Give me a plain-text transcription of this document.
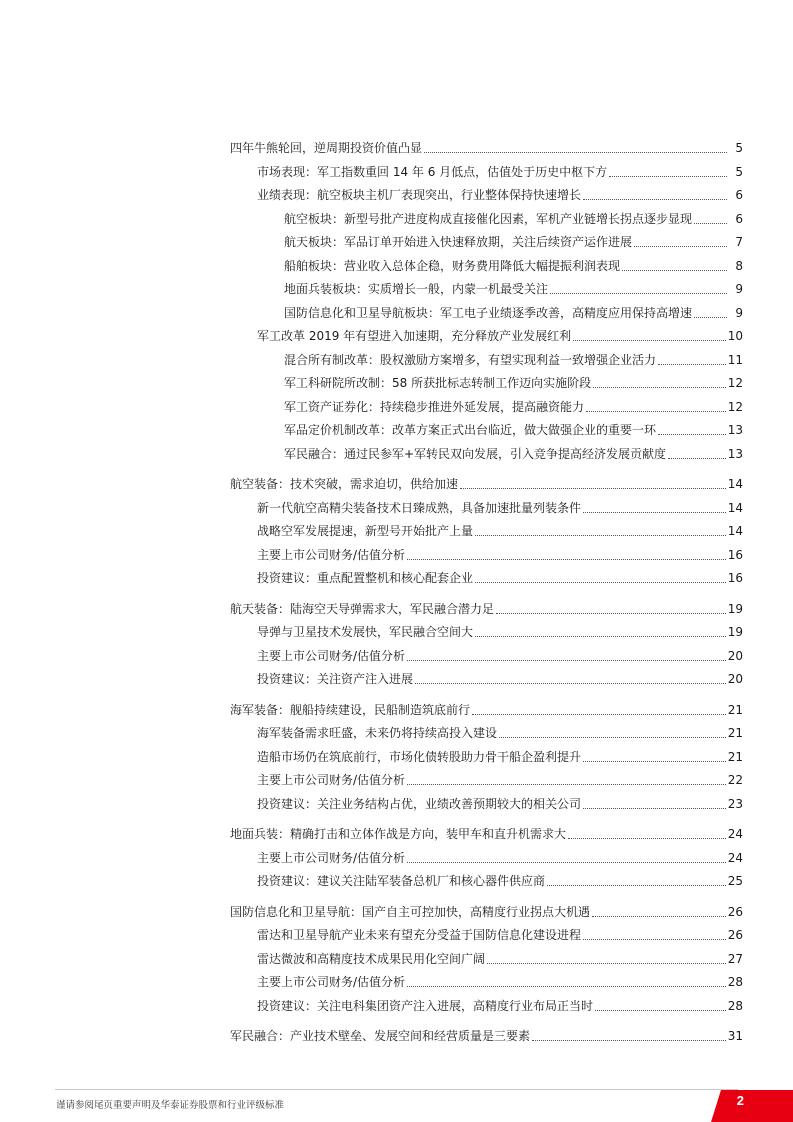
四年牛熊轮回，逆周期投资价值凸显	5
市场表现：军工指数重回 14 年 6 月低点，估值处于历史中枢下方	5
业绩表现：航空板块主机厂表现突出，行业整体保持快速增长	6
航空板块：新型号批产进度构成直接催化因素，军机产业链增长拐点逐步显现	6
航天板块：军品订单开始进入快速释放期，关注后续资产运作进展	7
船舶板块：营业收入总体企稳，财务费用降低大幅提振利润表现	8
地面兵装板块：实质增长一般，内蒙一机最受关注	9
国防信息化和卫星导航板块：军工电子业绩逐季改善，高精度应用保持高增速	9
军工改革 2019 年有望进入加速期，充分释放产业发展红利	10
混合所有制改革：股权激励方案增多，有望实现利益一致增强企业活力	11
军工科研院所改制：58 所获批标志转制工作迈向实施阶段	12
军工资产证券化：持续稳步推进外延发展，提高融资能力	12
军品定价机制改革：改革方案正式出台临近，做大做强企业的重要一环	13
军民融合：通过民参军+军转民双向发展，引入竞争提高经济发展贡献度	13
航空装备：技术突破，需求迫切，供给加速	14
新一代航空高精尖装备技术日臻成熟，具备加速批量列装条件	14
战略空军发展提速，新型号开始批产上量	14
主要上市公司财务/估值分析	16
投资建议：重点配置整机和核心配套企业	16
航天装备：陆海空天导弹需求大，军民融合潜力足	19
导弹与卫星技术发展快，军民融合空间大	19
主要上市公司财务/估值分析	20
投资建议：关注资产注入进展	20
海军装备：舰船持续建设，民船制造筑底前行	21
海军装备需求旺盛，未来仍将持续高投入建设	21
造船市场仍在筑底前行，市场化债转股助力骨干船企盈利提升	21
主要上市公司财务/估值分析	22
投资建议：关注业务结构占优，业绩改善预期较大的相关公司	23
地面兵装：精确打击和立体作战是方向，装甲车和直升机需求大	24
主要上市公司财务/估值分析	24
投资建议：建议关注陆军装备总机厂和核心器件供应商	25
国防信息化和卫星导航：国产自主可控加快，高精度行业拐点大机遇	26
雷达和卫星导航产业未来有望充分受益于国防信息化建设进程	26
雷达微波和高精度技术成果民用化空间广阔	27
主要上市公司财务/估值分析	28
投资建议：关注电科集团资产注入进展，高精度行业布局正当时	28
军民融合：产业技术壁垒、发展空间和经营质量是三要素	31
谨请参阅尾页重要声明及华泰证券股票和行业评级标准	2
